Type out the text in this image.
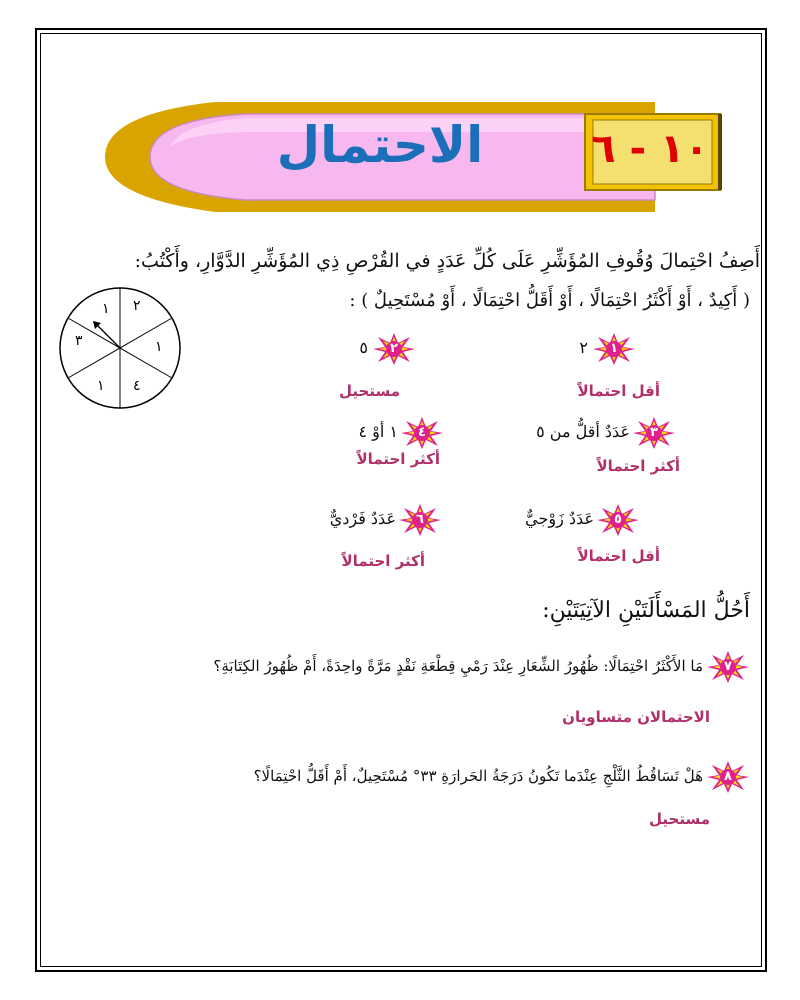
١٠ - ٦
الاحتمال
أَصِفُ احْتِمالَ وُقُوفِ المُؤَشِّرِ عَلَى كُلِّ عَدَدٍ في القُرْصِ ذِي المُؤَشِّرِ الدَّوَّارِ، وأَكْتُبُ:
( أَكِيدٌ ، أَوْ أَكْثَرُ احْتِمَالًا ، أَوْ أَقَلُّ احْتِمَالًا ، أَوْ مُسْتَحِيلٌ ) :
٢
١
٤
١
٣
١
١
٢
أقل احتمالاً
٢
٥
مستحيل
٣
عَدَدٌ أقلُّ من ٥
أكثر احتمالاً
٤
١ أوْ ٤
أكثر احتمالاً
٥
عَدَدٌ زَوْجيٌّ
أقل احتمالاً
٦
عَدَدٌ فَرْديٌّ
أكثر احتمالاً
أَحُلُّ المَسْأَلَتَيْنِ الآتِيَتَيْنِ:
٧
مَا الأَكْثَرُ احْتِمَالًا: ظُهُورُ الشِّعَارِ عِنْدَ رَمْيِ قِطْعَةِ نَقْدٍ مَرَّةً واحِدَةً، أَمْ ظُهُورُ الكِتَابَةِ؟
الاحتمالان متساويان
٨
هَلْ تَسَاقُطُ الثَّلْجِ عِنْدَما تَكُونُ دَرَجَةُ الحَرارَةِ ٣٣° مُسْتَحِيلٌ، أَمْ أَقَلُّ احْتِمَالًا؟
مستحيل
